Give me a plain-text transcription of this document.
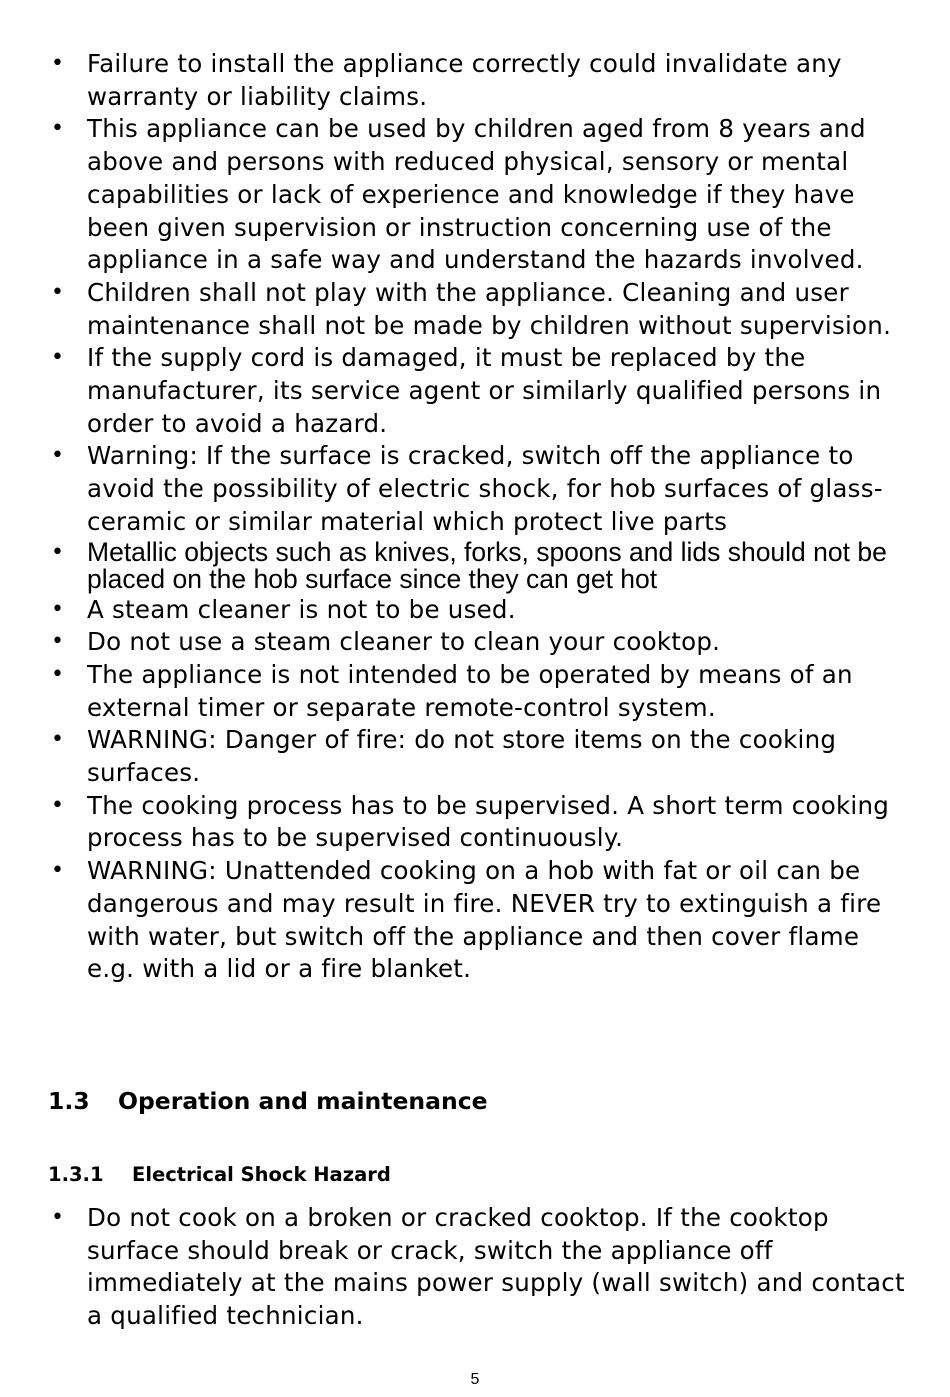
• Failure to install the appliance correctly could invalidate any warranty or liability claims.
• This appliance can be used by children aged from 8 years and above and persons with reduced physical, sensory or mental capabilities or lack of experience and knowledge if they have been given supervision or instruction concerning use of the appliance in a safe way and understand the hazards involved.
• Children shall not play with the appliance. Cleaning and user maintenance shall not be made by children without supervision.
• If the supply cord is damaged, it must be replaced by the manufacturer, its service agent or similarly qualified persons in order to avoid a hazard.
• Warning: If the surface is cracked, switch off the appliance to avoid the possibility of electric shock, for hob surfaces of glass-ceramic or similar material which protect live parts
• Metallic objects such as knives, forks, spoons and lids should not be placed on the hob surface since they can get hot
• A steam cleaner is not to be used.
• Do not use a steam cleaner to clean your cooktop.
• The appliance is not intended to be operated by means of an external timer or separate remote-control system.
• WARNING: Danger of fire: do not store items on the cooking surfaces.
• The cooking process has to be supervised. A short term cooking process has to be supervised continuously.
• WARNING: Unattended cooking on a hob with fat or oil can be dangerous and may result in fire. NEVER try to extinguish a fire with water, but switch off the appliance and then cover flame e.g. with a lid or a fire blanket.
1.3 Operation and maintenance
1.3.1 Electrical Shock Hazard
• Do not cook on a broken or cracked cooktop. If the cooktop surface should break or crack, switch the appliance off immediately at the mains power supply (wall switch) and contact a qualified technician.
5
